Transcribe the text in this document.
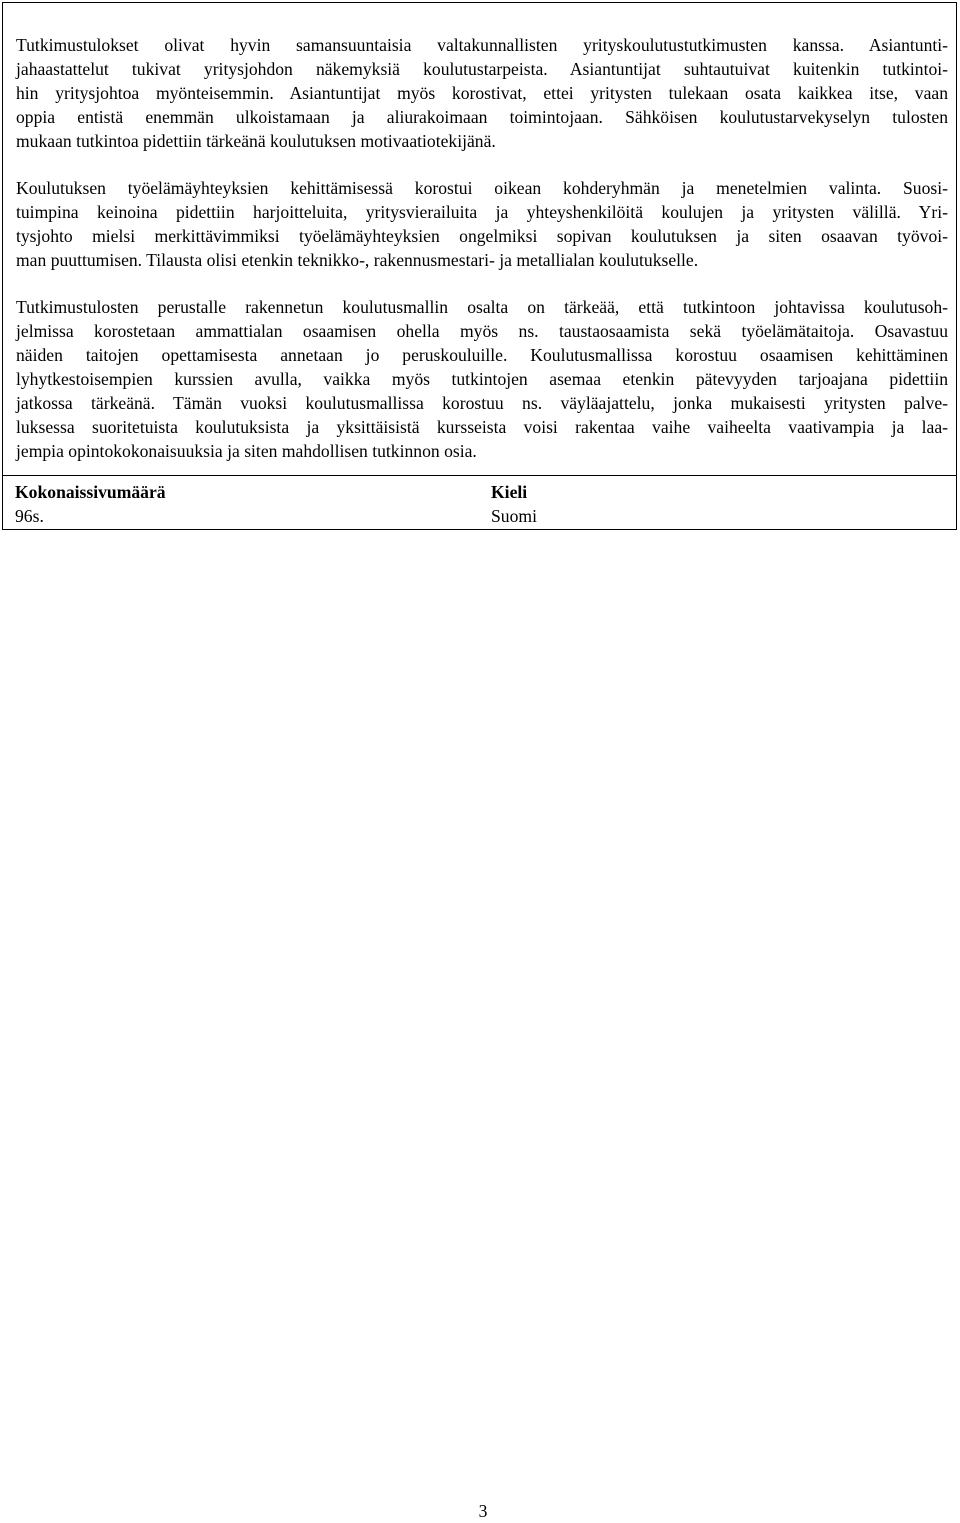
Tutkimustulokset olivat hyvin samansuuntaisia valtakunnallisten yrityskoulutustutkimusten kanssa. Asiantunti-
jahaastattelut tukivat yritysjohdon näkemyksiä koulutustarpeista. Asiantuntijat suhtautuivat kuitenkin tutkintoi-
hin yritysjohtoa myönteisemmin. Asiantuntijat myös korostivat, ettei yritysten tulekaan osata kaikkea itse, vaan
oppia entistä enemmän ulkoistamaan ja aliurakoimaan toimintojaan. Sähköisen koulutustarvekyselyn tulosten
mukaan tutkintoa pidettiin tärkeänä koulutuksen motivaatiotekijänä.
Koulutuksen työelämäyhteyksien kehittämisessä korostui oikean kohderyhmän ja menetelmien valinta. Suosi-
tuimpina keinoina pidettiin harjoitteluita, yritysvierailuita ja yhteyshenkilöitä koulujen ja yritysten välillä. Yri-
tysjohto mielsi merkittävimmiksi työelämäyhteyksien ongelmiksi sopivan koulutuksen ja siten osaavan työvoi-
man puuttumisen. Tilausta olisi etenkin teknikko-, rakennusmestari- ja metallialan koulutukselle.
Tutkimustulosten perustalle rakennetun koulutusmallin osalta on tärkeää, että tutkintoon johtavissa koulutusoh-
jelmissa korostetaan ammattialan osaamisen ohella myös ns. taustaosaamista sekä työelämätaitoja. Osavastuu
näiden taitojen opettamisesta annetaan jo peruskouluille. Koulutusmallissa korostuu osaamisen kehittäminen
lyhytkestoisempien kurssien avulla, vaikka myös tutkintojen asemaa etenkin pätevyyden tarjoajana pidettiin
jatkossa tärkeänä. Tämän vuoksi koulutusmallissa korostuu ns. väyläajattelu, jonka mukaisesti yritysten palve-
luksessa suoritetuista koulutuksista ja yksittäisistä kursseista voisi rakentaa vaihe vaiheelta vaativampia ja laa-
jempia opintokokonaisuuksia ja siten mahdollisen tutkinnon osia.
Kokonaissivumäärä
96s.
Kieli
Suomi
3
